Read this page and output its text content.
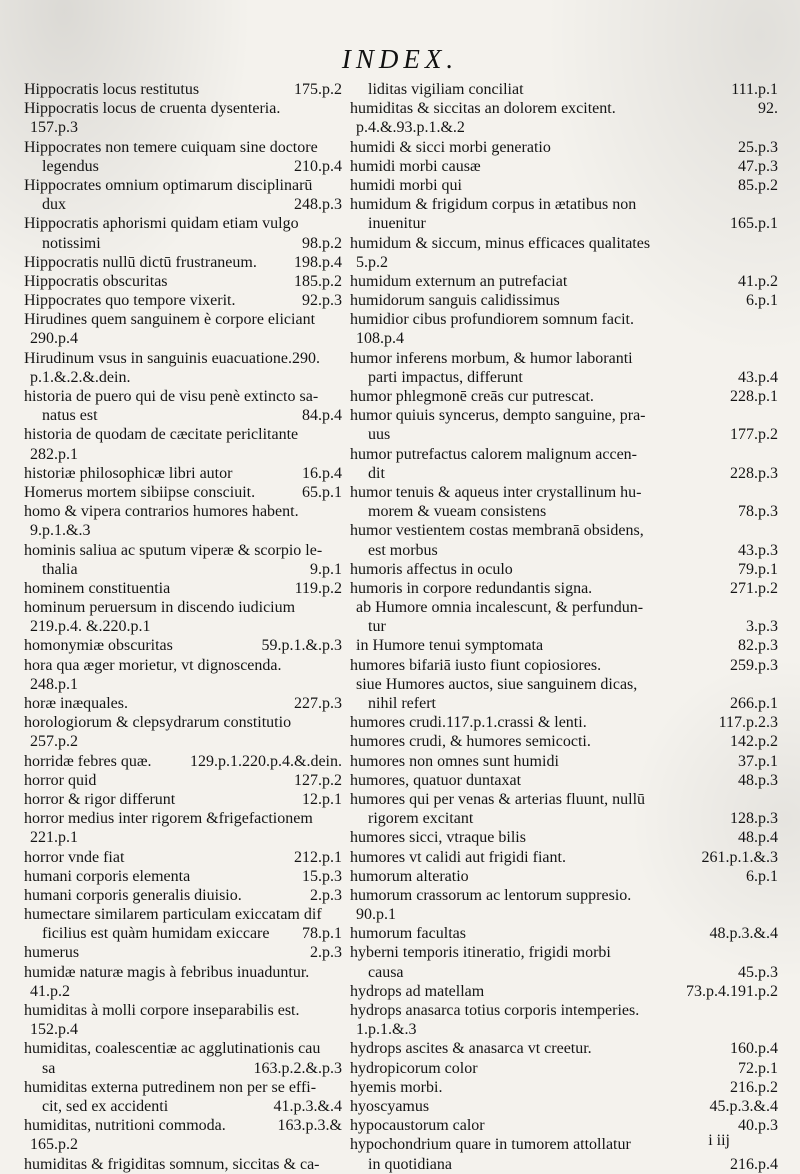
INDEX.
Hippocratis locus restitutus	175.p.2
Hippocratis locus de cruenta dysenteria.
157.p.3
Hippocrates non temere cuiquam sine doctore
legendus	210.p.4
Hippocrates omnium optimarum disciplinarū
dux	248.p.3
Hippocratis aphorismi quidam etiam vulgo
notissimi	98.p.2
Hippocratis nullū dictū frustraneum. 198.p.4
Hippocratis obscuritas	185.p.2
Hippocrates quo tempore vixerit.	92.p.3
Hirudines quem sanguinem è corpore eliciant
290.p.4
Hirudinum vsus in sanguinis euacuatione.290.
p.1.&.2.&.dein.
historia de puero qui de visu penè extincto sa-
natus est	84.p.4
historia de quodam de cæcitate periclitante
282.p.1
historiæ philosophicæ libri autor	16.p.4
Homerus mortem sibiipse consciuit.	65.p.1
homo & vipera contrarios humores habent.
9.p.1.&.3
hominis saliua ac sputum viperæ & scorpio le-
thalia	9.p.1
hominem constituentia	119.p.2
hominum peruersum in discendo iudicium
219.p.4. &.220.p.1
homonymiæ obscuritas	59.p.1.&.p.3
hora qua æger morietur, vt dignoscenda.
248.p.1
horæ inæquales.	227.p.3
horologiorum & clepsydrarum constitutio
257.p.2
horridæ febres quæ. 129.p.1.220.p.4.&.dein.
horror quid	127.p.2
horror & rigor differunt	12.p.1
horror medius inter rigorem &frigefactionem
221.p.1
horror vnde fiat	212.p.1
humani corporis elementa	15.p.3
humani corporis generalis diuisio.	2.p.3
humectare similarem particulam exiccatam dif
ficilius est quàm humidam exiccare 78.p.1
humerus	2.p.3
humidæ naturæ magis à febribus inuaduntur.
41.p.2
humiditas à molli corpore inseparabilis est.
152.p.4
humiditas, coalescentiæ ac agglutinationis cau
sa	163.p.2.&.p.3
humiditas externa putredinem non per se effi-
cit, sed ex accidenti	41.p.3.&.4
humiditas, nutritioni commoda.	163.p.3.&
165.p.2
humiditas & frigiditas somnum, siccitas & ca-
liditas vigiliam conciliat	111.p.1
humiditas & siccitas an dolorem excitent.	92.
p.4.&.93.p.1.&.2
humidi & sicci morbi generatio	25.p.3
humidi morbi causæ	47.p.3
humidi morbi qui	85.p.2
humidum & frigidum corpus in ætatibus non
inuenitur	165.p.1
humidum & siccum, minus efficaces qualitates
5.p.2
humidum externum an putrefaciat	41.p.2
humidorum sanguis calidissimus	6.p.1
humidior cibus profundiorem somnum facit.
108.p.4
humor inferens morbum, & humor laboranti
parti impactus, differunt	43.p.4
humor phlegmonē creās cur putrescat.	228.p.1
humor quiuis syncerus, dempto sanguine, pra-
uus	177.p.2
humor putrefactus calorem malignum accen-
dit	228.p.3
humor tenuis & aqueus inter crystallinum hu-
morem & vueam consistens	78.p.3
humor vestientem costas membranā obsidens,
est morbus	43.p.3
humoris affectus in oculo	79.p.1
humoris in corpore redundantis signa.	271.p.2
ab Humore omnia incalescunt, & perfundun-
tur	3.p.3
in Humore tenui symptomata	82.p.3
humores bifariā iusto fiunt copiosiores.	259.p.3
siue Humores auctos, siue sanguinem dicas,
nihil refert	266.p.1
humores crudi.117.p.1.crassi & lenti.	117.p.2.3
humores crudi, & humores semicocti.	142.p.2
humores non omnes sunt humidi	37.p.1
humores, quatuor duntaxat	48.p.3
humores qui per venas & arterias fluunt, nullū
rigorem excitant	128.p.3
humores sicci, vtraque bilis	48.p.4
humores vt calidi aut frigidi fiant.	261.p.1.&.3
humorum alteratio	6.p.1
humorum crassorum ac lentorum suppresio.
90.p.1
humorum facultas	48.p.3.&.4
hyberni temporis itineratio, frigidi morbi
causa	45.p.3
hydrops ad matellam	73.p.4.191.p.2
hydrops anasarca totius corporis intemperies.
1.p.1.&.3
hydrops ascites & anasarca vt creetur.	160.p.4
hydropicorum color	72.p.1
hyemis morbi.	216.p.2
hyoscyamus	45.p.3.&.4
hypocaustorum calor	40.p.3
hypochondrium quare in tumorem attollatur
in quotidiana	216.p.4
i iij
